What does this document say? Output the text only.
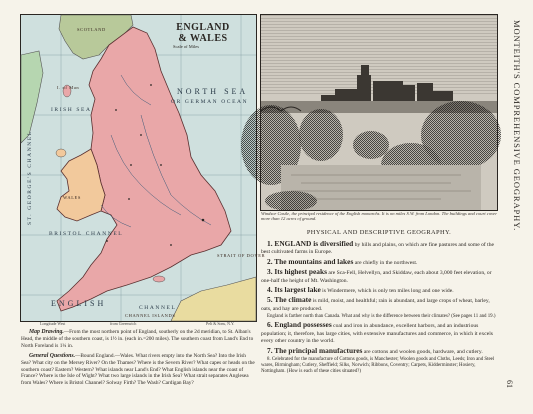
NORTH SEA
OR GERMAN OCEAN
IRISH SEA
I. of Man
WALES
SCOTLAND
ST. GEORGE'S CHANNEL
BRISTOL CHANNEL
ENGLISH	CHANNEL
STRAIT OF DOVER
CHANNEL ISLANDS
ENGLAND
& WALES
Scale of Miles
Longitude West	from Greenwich	Pelt & Sons, N.Y.
Windsor Castle, the principal residence of the English monarchs. It is on miles S.W. from London. The buildings and court cover more than 12 acres of ground.	MONTEITH'S COMPREHENSIVE GEOGRAPHY.
61
PHYSICAL AND DESCRIPTIVE GEOGRAPHY.

1. ENGLAND is diversified by hills and plains, on which are fine pastures and some of the best cultivated farms in Europe.

2. The mountains and lakes are chiefly in the northwest.

3. Its highest peaks are Sca-Fell, Helvellyn, and Skiddaw, each about 3,000 feet elevation, or one-half the height of Mt. Washington.

4. Its largest lake is Windermere, which is only ten miles long and one wide.

5. The climate is mild, moist, and healthful; rain is abundant, and large crops of wheat, barley, oats, and hay are produced.

England is farther north than Canada. What and why is the difference between their climates? (See pages 11 and 19.)

6. England possesses coal and iron in abundance, excellent harbors, and an industrious population; it, therefore, has large cities, with extensive manufactures and commerce, in which it excels every other country in the world.

7. The principal manufactures are cottons and woolen goods, hardware, and cutlery.

8. Celebrated for the manufacture of Cottons goods, is Manchester; Woolen goods and Cloths, Leeds; Iron and Steel wares, Birmingham; Cutlery, Sheffield; Silks, Norwich; Ribbons, Coventry; Carpets, Kidderminster; Hosiery, Nottingham. (How is each of these cities situated?)

Map Drawing.—From the most northern point of England, southerly on the 2d meridian, to St. Alban's Head, the middle of the southern coast, is 1½ in. (each in.=200 miles). The southern coast from Land's End to North Foreland is 1¼ in.

General Questions.—Bound England.—Wales. What rivers empty into the North Sea? Into the Irish Sea? What city on the Mersey River? On the Thames? Where is the Severn River? What capes or heads on the southern coast? Eastern? Western? What islands near Land's End? What English islands near the coast of France? Where is the Isle of Wight? What two large islands in the Irish Sea? What strait separates Anglesea from Wales? Where is Bristol Channel? Solway Firth? The Wash? Cardigan Bay?
